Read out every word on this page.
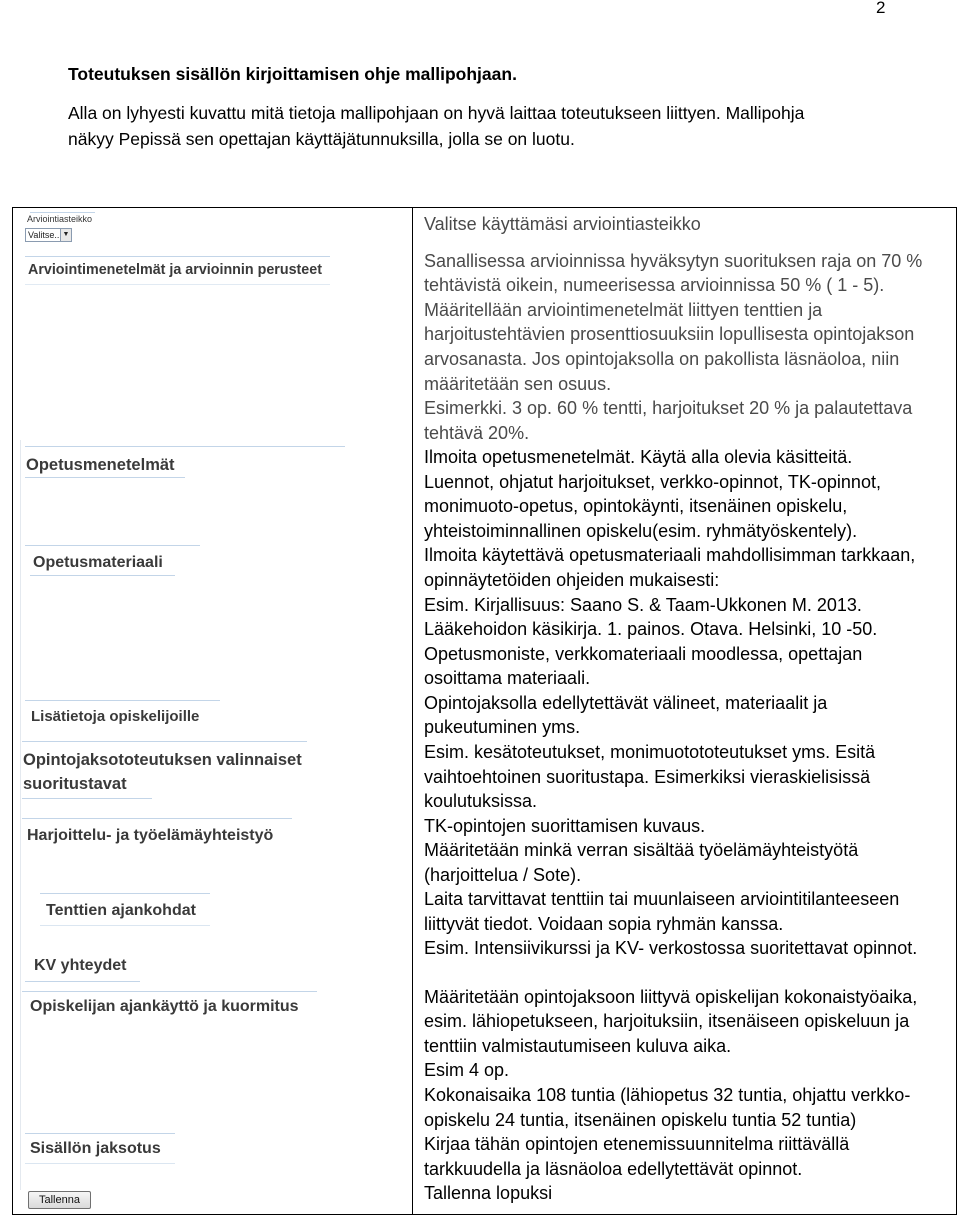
2
Toteutuksen sisällön kirjoittamisen ohje mallipohjaan.
Alla on lyhyesti kuvattu mitä tietoja mallipohjaan on hyvä laittaa toteutukseen liittyen. Mallipohja
näkyy Pepissä sen opettajan käyttäjätunnuksilla, jolla se on luotu.
Arviointiasteikko
Valitse.. ▼
Arviointimenetelmät ja arvioinnin perusteet
Opetusmenetelmät
Opetusmateriaali
Lisätietoja opiskelijoille
Opintojaksototeutuksen valinnaiset
suoritustavat
Harjoittelu- ja työelämäyhteistyö
Tenttien ajankohdat
KV yhteydet
Opiskelijan ajankäyttö ja kuormitus
Sisällön jaksotus
Tallenna
Valitse käyttämäsi arviointiasteikko
Sanallisessa arvioinnissa hyväksytyn suorituksen raja on 70 %
tehtävistä oikein, numeerisessa arvioinnissa 50 % ( 1 - 5).
Määritellään arviointimenetelmät liittyen tenttien ja
harjoitustehtävien prosenttiosuuksiin lopullisesta opintojakson
arvosanasta. Jos opintojaksolla on pakollista läsnäoloa, niin
määritetään sen osuus.
Esimerkki. 3 op. 60 % tentti, harjoitukset 20 % ja palautettava
tehtävä 20%.
Ilmoita opetusmenetelmät. Käytä alla olevia käsitteitä.
Luennot, ohjatut harjoitukset, verkko-opinnot, TK-opinnot,
monimuoto-opetus, opintokäynti, itsenäinen opiskelu,
yhteistoiminnallinen opiskelu(esim. ryhmätyöskentely).
Ilmoita käytettävä opetusmateriaali mahdollisimman tarkkaan,
opinnäytetöiden ohjeiden mukaisesti:
Esim. Kirjallisuus: Saano S. & Taam-Ukkonen M. 2013.
Lääkehoidon käsikirja. 1. painos. Otava. Helsinki, 10 -50.
Opetusmoniste, verkkomateriaali moodlessa, opettajan
osoittama materiaali.
Opintojaksolla edellytettävät välineet, materiaalit ja
pukeutuminen yms.
Esim. kesätoteutukset, monimuotototeutukset yms. Esitä
vaihtoehtoinen suoritustapa. Esimerkiksi vieraskielisissä
koulutuksissa.
TK-opintojen suorittamisen kuvaus.
Määritetään minkä verran sisältää työelämäyhteistyötä
(harjoittelua / Sote).
Laita tarvittavat tenttiin tai muunlaiseen arviointitilanteeseen
liittyvät tiedot. Voidaan sopia ryhmän kanssa.
Esim. Intensiivikurssi ja KV- verkostossa suoritettavat opinnot.
Määritetään opintojaksoon liittyvä opiskelijan kokonaistyöaika,
esim. lähiopetukseen, harjoituksiin, itsenäiseen opiskeluun ja
tenttiin valmistautumiseen kuluva aika.
Esim 4 op.
Kokonaisaika 108 tuntia (lähiopetus 32 tuntia, ohjattu verkko-
opiskelu 24 tuntia, itsenäinen opiskelu tuntia 52 tuntia)
Kirjaa tähän opintojen etenemissuunnitelma riittävällä
tarkkuudella ja läsnäoloa edellytettävät opinnot.
Tallenna lopuksi
